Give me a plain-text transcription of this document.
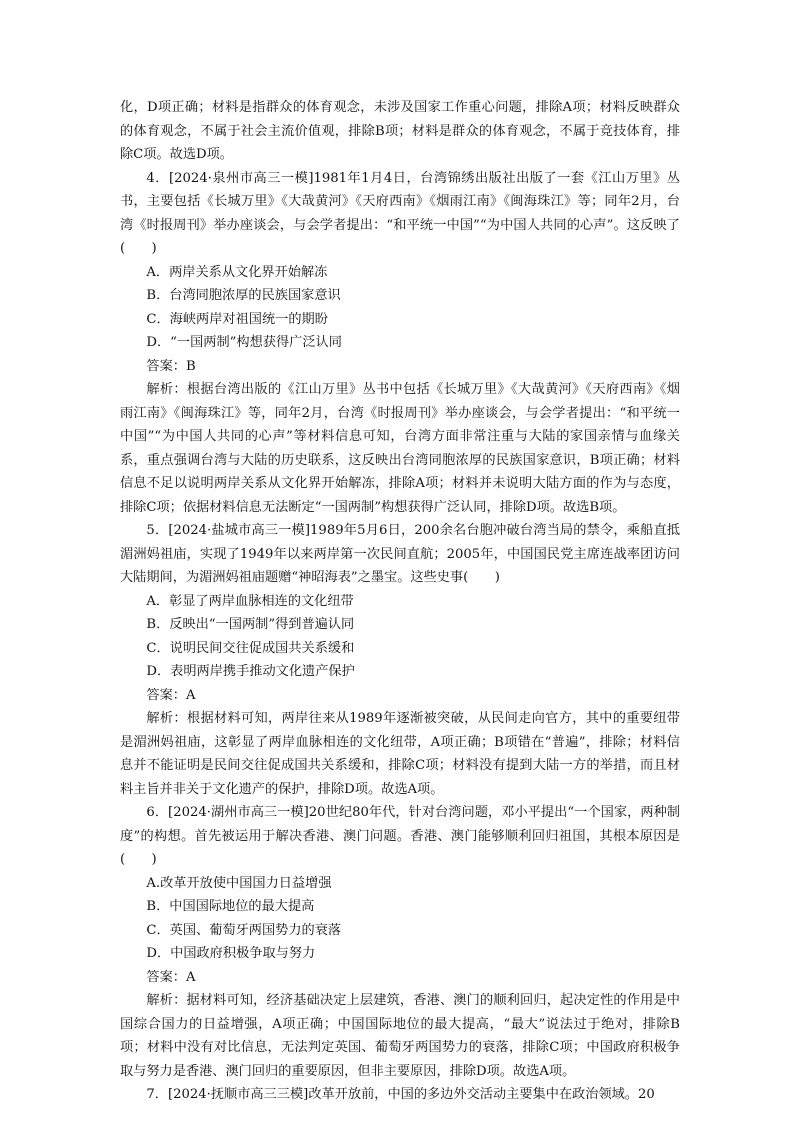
化，D项正确；材料是指群众的体育观念，未涉及国家工作重心问题，排除A项；材料反映群众的体育观念，不属于社会主流价值观，排除B项；材料是群众的体育观念，不属于竞技体育，排除C项。故选D项。

4．[2024·泉州市高三一模]1981年1月4日，台湾锦绣出版社出版了一套《江山万里》丛书，主要包括《长城万里》《大哉黄河》《天府西南》《烟雨江南》《闽海珠江》等；同年2月，台湾《时报周刊》举办座谈会，与会学者提出：“和平统一中国”“为中国人共同的心声”。这反映了(　　)

A．两岸关系从文化界开始解冻

B．台湾同胞浓厚的民族国家意识

C．海峡两岸对祖国统一的期盼

D．“一国两制”构想获得广泛认同

答案：B

解析：根据台湾出版的《江山万里》丛书中包括《长城万里》《大哉黄河》《天府西南》《烟雨江南》《闽海珠江》等，同年2月，台湾《时报周刊》举办座谈会，与会学者提出：“和平统一中国”“为中国人共同的心声”等材料信息可知，台湾方面非常注重与大陆的家国亲情与血缘关系，重点强调台湾与大陆的历史联系，这反映出台湾同胞浓厚的民族国家意识，B项正确；材料信息不足以说明两岸关系从文化界开始解冻，排除A项；材料并未说明大陆方面的作为与态度，排除C项；依据材料信息无法断定“一国两制”构想获得广泛认同，排除D项。故选B项。

5．[2024·盐城市高三一模]1989年5月6日，200余名台胞冲破台湾当局的禁令，乘船直抵湄洲妈祖庙，实现了1949年以来两岸第一次民间直航；2005年，中国国民党主席连战率团访问大陆期间，为湄洲妈祖庙题赠“神昭海表”之墨宝。这些史事(　　)

A．彰显了两岸血脉相连的文化纽带

B．反映出“一国两制”得到普遍认同

C．说明民间交往促成国共关系缓和

D．表明两岸携手推动文化遗产保护

答案：A

解析：根据材料可知，两岸往来从1989年逐渐被突破，从民间走向官方，其中的重要纽带是湄洲妈祖庙，这彰显了两岸血脉相连的文化纽带，A项正确；B项错在“普遍”，排除；材料信息并不能证明是民间交往促成国共关系缓和，排除C项；材料没有提到大陆一方的举措，而且材料主旨并非关于文化遗产的保护，排除D项。故选A项。

6．[2024·湖州市高三一模]20世纪80年代，针对台湾问题，邓小平提出“一个国家，两种制度”的构想。首先被运用于解决香港、澳门问题。香港、澳门能够顺利回归祖国，其根本原因是(　　)

A.改革开放使中国国力日益增强

B．中国国际地位的最大提高

C．英国、葡萄牙两国势力的衰落

D．中国政府积极争取与努力

答案：A

解析：据材料可知，经济基础决定上层建筑，香港、澳门的顺利回归，起决定性的作用是中国综合国力的日益增强，A项正确；中国国际地位的最大提高，“最大”说法过于绝对，排除B项；材料中没有对比信息，无法判定英国、葡萄牙两国势力的衰落，排除C项；中国政府积极争取与努力是香港、澳门回归的重要原因，但非主要原因，排除D项。故选A项。

7．[2024·抚顺市高三三模]改革开放前，中国的多边外交活动主要集中在政治领域。20
